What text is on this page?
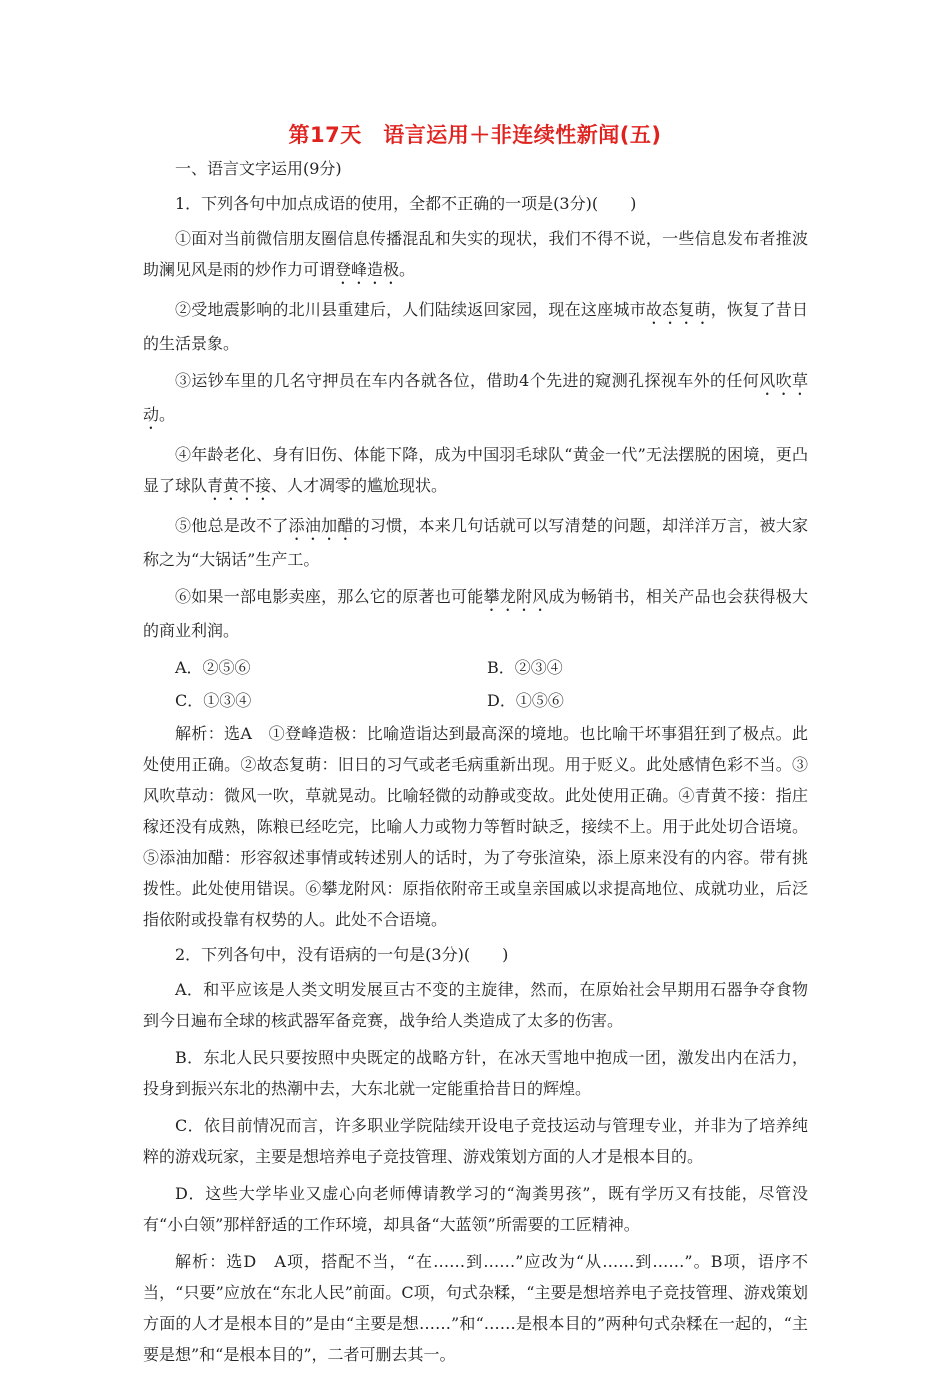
第17天　语言运用＋非连续性新闻(五)
一、语言文字运用(9分)
1．下列各句中加点成语的使用，全都不正确的一项是(3分)(　　)
①面对当前微信朋友圈信息传播混乱和失实的现状，我们不得不说，一些信息发布者推波助澜见风是雨的炒作力可谓登峰造极。
②受地震影响的北川县重建后，人们陆续返回家园，现在这座城市故态复萌，恢复了昔日的生活景象。
③运钞车里的几名守押员在车内各就各位，借助4个先进的窥测孔探视车外的任何风吹草动。
④年龄老化、身有旧伤、体能下降，成为中国羽毛球队“黄金一代”无法摆脱的困境，更凸显了球队青黄不接、人才凋零的尴尬现状。
⑤他总是改不了添油加醋的习惯，本来几句话就可以写清楚的问题，却洋洋万言，被大家称之为“大锅话”生产工。
⑥如果一部电影卖座，那么它的原著也可能攀龙附风成为畅销书，相关产品也会获得极大的商业利润。
A．②⑤⑥	B．②③④
C．①③④	D．①⑤⑥
解析：选A　①登峰造极：比喻造诣达到最高深的境地。也比喻干坏事猖狂到了极点。此处使用正确。②故态复萌：旧日的习气或老毛病重新出现。用于贬义。此处感情色彩不当。③风吹草动：微风一吹，草就晃动。比喻轻微的动静或变故。此处使用正确。④青黄不接：指庄稼还没有成熟，陈粮已经吃完，比喻人力或物力等暂时缺乏，接续不上。用于此处切合语境。⑤添油加醋：形容叙述事情或转述别人的话时，为了夸张渲染，添上原来没有的内容。带有挑拨性。此处使用错误。⑥攀龙附风：原指依附帝王或皇亲国戚以求提高地位、成就功业，后泛指依附或投靠有权势的人。此处不合语境。
2．下列各句中，没有语病的一句是(3分)(　　)
A．和平应该是人类文明发展亘古不变的主旋律，然而，在原始社会早期用石器争夺食物到今日遍布全球的核武器军备竞赛，战争给人类造成了太多的伤害。
B．东北人民只要按照中央既定的战略方针，在冰天雪地中抱成一团，激发出内在活力，投身到振兴东北的热潮中去，大东北就一定能重拾昔日的辉煌。
C．依目前情况而言，许多职业学院陆续开设电子竞技运动与管理专业，并非为了培养纯粹的游戏玩家，主要是想培养电子竞技管理、游戏策划方面的人才是根本目的。
D．这些大学毕业又虚心向老师傅请教学习的“淘粪男孩”，既有学历又有技能，尽管没有“小白领”那样舒适的工作环境，却具备“大蓝领”所需要的工匠精神。
解析：选D　A项，搭配不当，“在……到……”应改为“从……到……”。B项，语序不当，“只要”应放在“东北人民”前面。C项，句式杂糅，“主要是想培养电子竞技管理、游戏策划方面的人才是根本目的”是由“主要是想……”和“……是根本目的”两种句式杂糅在一起的，“主要是想”和“是根本目的”，二者可删去其一。
